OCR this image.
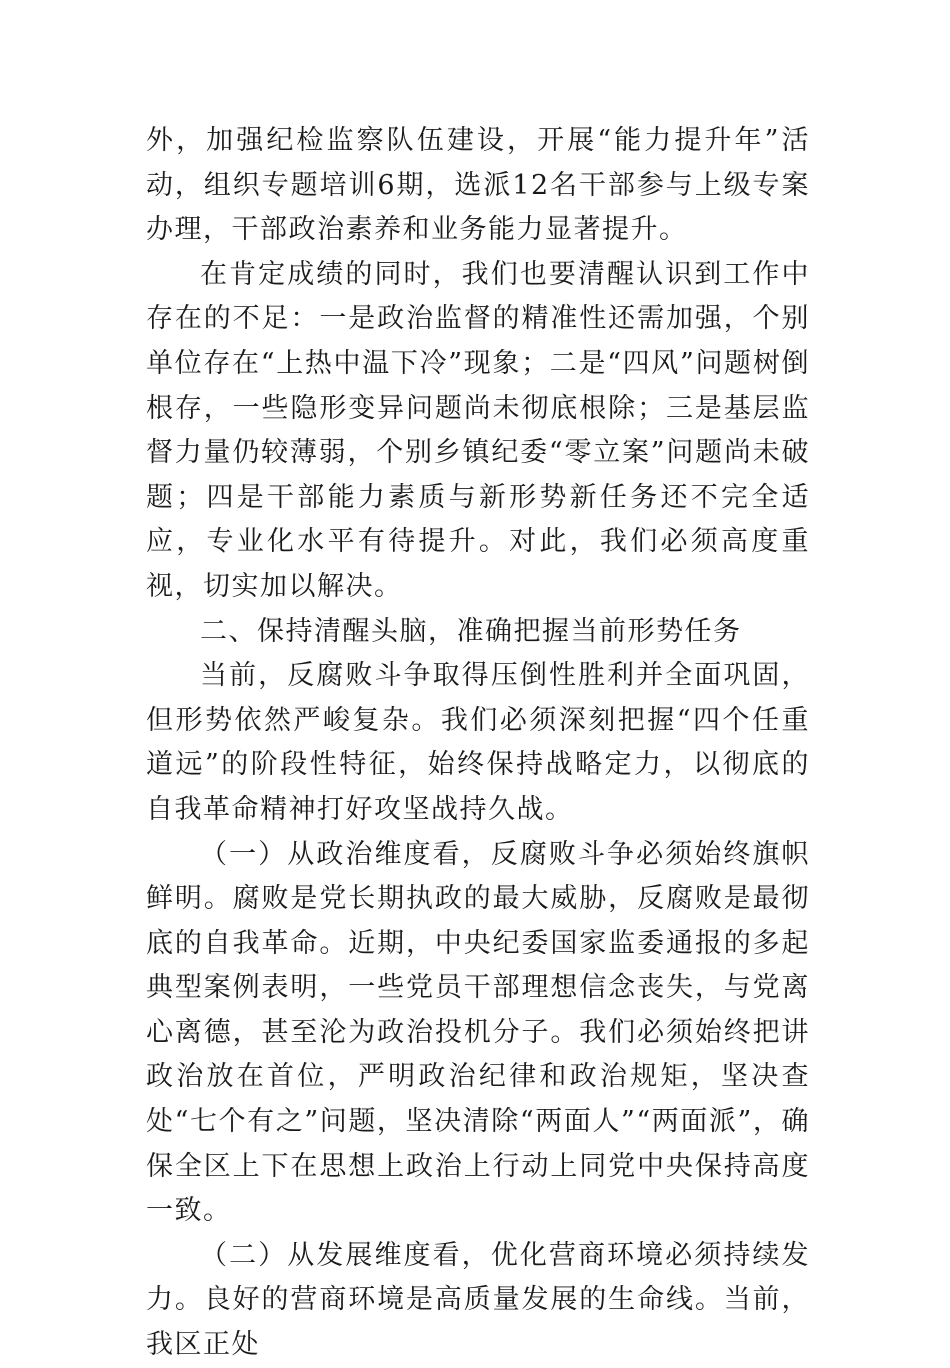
外，加强纪检监察队伍建设，开展“能力提升年”活动，组织专题培训6期，选派12名干部参与上级专案办理，干部政治素养和业务能力显著提升。

在肯定成绩的同时，我们也要清醒认识到工作中存在的不足：一是政治监督的精准性还需加强，个别单位存在“上热中温下冷”现象；二是“四风”问题树倒根存，一些隐形变异问题尚未彻底根除；三是基层监督力量仍较薄弱，个别乡镇纪委“零立案”问题尚未破题；四是干部能力素质与新形势新任务还不完全适应，专业化水平有待提升。对此，我们必须高度重视，切实加以解决。

二、保持清醒头脑，准确把握当前形势任务

当前，反腐败斗争取得压倒性胜利并全面巩固，但形势依然严峻复杂。我们必须深刻把握“四个任重道远”的阶段性特征，始终保持战略定力，以彻底的自我革命精神打好攻坚战持久战。

（一）从政治维度看，反腐败斗争必须始终旗帜鲜明。腐败是党长期执政的最大威胁，反腐败是最彻底的自我革命。近期，中央纪委国家监委通报的多起典型案例表明，一些党员干部理想信念丧失，与党离心离德，甚至沦为政治投机分子。我们必须始终把讲政治放在首位，严明政治纪律和政治规矩，坚决查处“七个有之”问题，坚决清除“两面人”“两面派”，确保全区上下在思想上政治上行动上同党中央保持高度一致。

（二）从发展维度看，优化营商环境必须持续发力。良好的营商环境是高质量发展的生命线。当前，我区正处
